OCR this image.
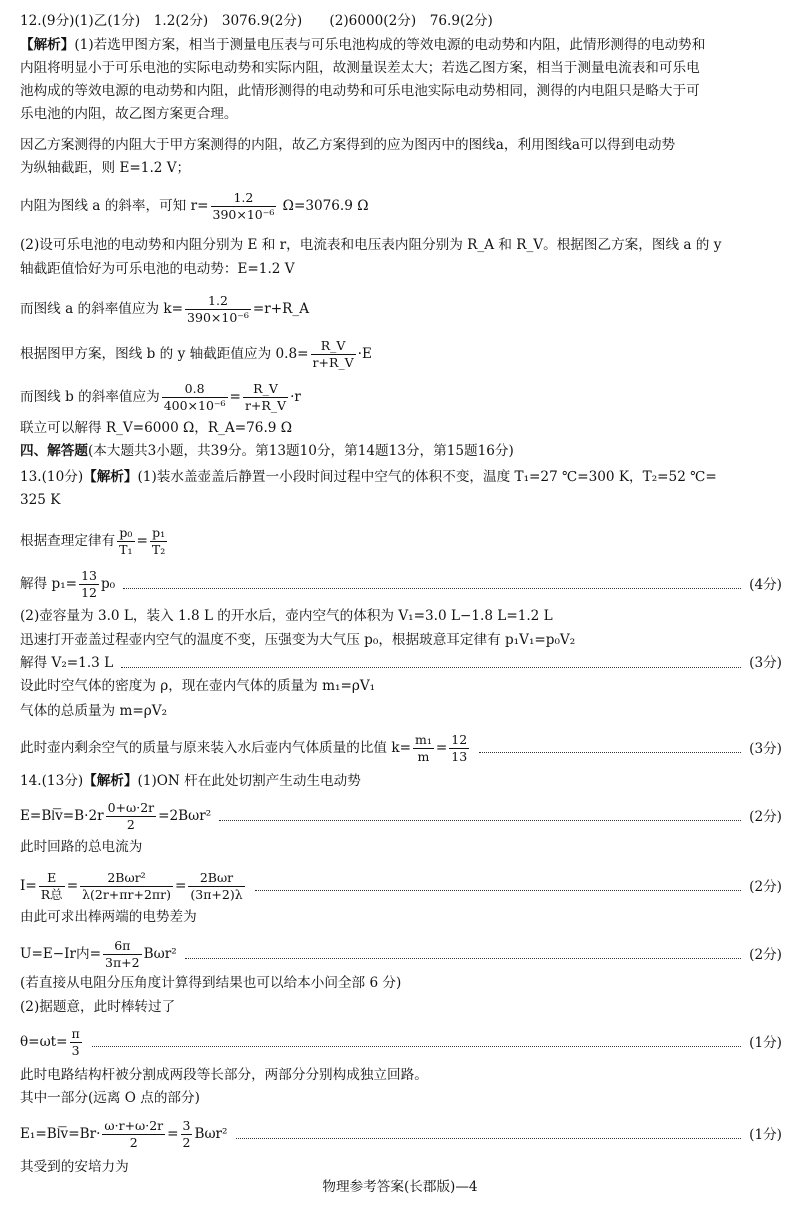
12.(9分)(1)乙(1分)　1.2(2分)　3076.9(2分)　　(2)6000(2分)　76.9(2分)
【解析】(1)若选甲图方案，相当于测量电压表与可乐电池构成的等效电源的电动势和内阻，此情形测得的电动势和
内阻将明显小于可乐电池的实际电动势和实际内阻，故测量误差太大；若选乙图方案，相当于测量电流表和可乐电
池构成的等效电源的电动势和内阻，此情形测得的电动势和可乐电池实际电动势相同，测得的内电阻只是略大于可
乐电池的内阻，故乙图方案更合理。
因乙方案测得的内阻大于甲方案测得的内阻，故乙方案得到的应为图丙中的图线a，利用图线a可以得到电动势
为纵轴截距，则 E=1.2 V；
内阻为图线 a 的斜率，可知 $r= \frac{1.2}{\text{390×10⁻⁶}} \Omega=3076.9$ Ω
(2)设可乐电池的电动势和内阻分别为 E 和 r，电流表和电压表内阻分别为 R_A 和 R_V。根据图乙方案，图线 a 的 y
轴截距值恰好为可乐电池的电动势：E=1.2 V
而图线 a 的斜率值应为 $k= \frac{1.2}{\text{390×10⁻⁶}}$ =r+R_A
根据图甲方案，图线 b 的 y 轴截距值应为 $0.8= \frac{R\_V}{r+R\_V} \cdot E$
而图线 b 的斜率值应为 $\frac{0.8}{\text{400×10⁻⁶}} = \frac{R\_V}{r+R\_V} \cdot r$
联立可以解得 R_V=6000 Ω，R_A=76.9 Ω
四、解答题(本大题共3小题，共39分。第13题10分，第14题13分，第15题16分)
13.(10分)【解析】(1)装水盖壶盖后静置一小段时间过程中空气的体积不变，温度 T₁=27 ℃=300 K，T₂=52 ℃=
325 K
根据查理定律有 $\frac{\text{p₀}}{\text{T₁}} = \frac{\text{p₁}}{\text{T₂}}$
解得 $p_1= \frac{13}{12} p_0$	(4分)
(2)壶容量为 3.0 L，装入 1.8 L 的开水后，壶内空气的体积为 V₁=3.0 L−1.8 L=1.2 L
迅速打开壶盖过程壶内空气的温度不变，压强变为大气压 p₀，根据玻意耳定律有 p₁V₁=p₀V₂
解得 V₂=1.3 L	(3分)
设此时空气体的密度为 ρ，现在壶内气体的质量为 m₁=ρV₁
气体的总质量为 m=ρV₂
此时壶内剩余空气的质量与原来装入水后壶内气体质量的比值 $k= \frac{\text{m₁}}{m} = \frac{12}{13}$	(3分)
14.(13分)【解析】(1)ON 杆在此处切割产生动生电动势
E=Bl͞v=B·2r $\frac{0+\omega\cdot 2r}{2} =2B\omega r^2$	(2分)
此时回路的总电流为
$I= \frac{E}{\text{R总}} = \frac{\text{2Bωr²}}{\lambda(2r+\pi r+2\pi r)} = \frac{\text{2Bωr}}{(3\pi+2)\lambda}$	(2分)
由此可求出棒两端的电势差为
U=E−Ir内= $\frac{6\pi}{3\pi+2} B\omega r^2$	(2分)
(若直接从电阻分压角度计算得到结果也可以给本小问全部 6 分)
(2)据题意，此时棒转过了
$\theta=\omega t= \frac{\pi}{3}$	(1分)
此时电路结构杆被分割成两段等长部分，两部分分别构成独立回路。
其中一部分(远离 O 点的部分)
E₁=Bl͞v=Br· $\frac{\omega\cdot r+\omega\cdot 2r}{2} = \frac{3}{2} B\omega r^2$	(1分)
其受到的安培力为
物理参考答案(长郡版)—4
